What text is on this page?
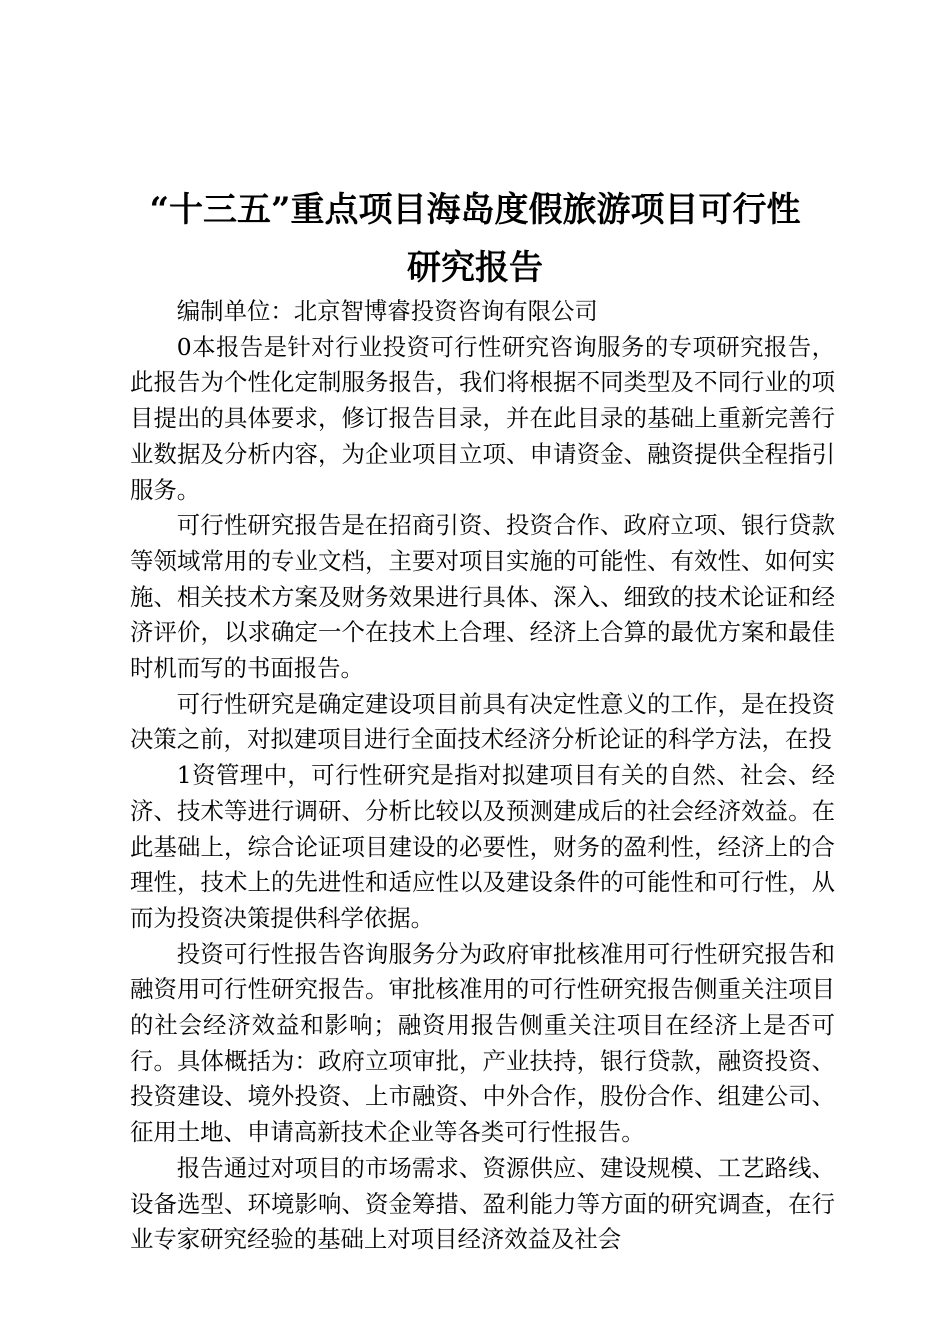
“十三五”重点项目海岛度假旅游项目可行性
研究报告

编制单位：北京智博睿投资咨询有限公司

0本报告是针对行业投资可行性研究咨询服务的专项研究报告，此报告为个性化定制服务报告，我们将根据不同类型及不同行业的项目提出的具体要求，修订报告目录，并在此目录的基础上重新完善行业数据及分析内容，为企业项目立项、申请资金、融资提供全程指引服务。

可行性研究报告是在招商引资、投资合作、政府立项、银行贷款等领域常用的专业文档，主要对项目实施的可能性、有效性、如何实施、相关技术方案及财务效果进行具体、深入、细致的技术论证和经济评价，以求确定一个在技术上合理、经济上合算的最优方案和最佳时机而写的书面报告。

可行性研究是确定建设项目前具有决定性意义的工作，是在投资决策之前，对拟建项目进行全面技术经济分析论证的科学方法，在投

1资管理中，可行性研究是指对拟建项目有关的自然、社会、经济、技术等进行调研、分析比较以及预测建成后的社会经济效益。在此基础上，综合论证项目建设的必要性，财务的盈利性，经济上的合理性，技术上的先进性和适应性以及建设条件的可能性和可行性，从而为投资决策提供科学依据。

投资可行性报告咨询服务分为政府审批核准用可行性研究报告和融资用可行性研究报告。审批核准用的可行性研究报告侧重关注项目的社会经济效益和影响；融资用报告侧重关注项目在经济上是否可行。具体概括为：政府立项审批，产业扶持，银行贷款，融资投资、投资建设、境外投资、上市融资、中外合作，股份合作、组建公司、征用土地、申请高新技术企业等各类可行性报告。

报告通过对项目的市场需求、资源供应、建设规模、工艺路线、设备选型、环境影响、资金筹措、盈利能力等方面的研究调查，在行业专家研究经验的基础上对项目经济效益及社会
